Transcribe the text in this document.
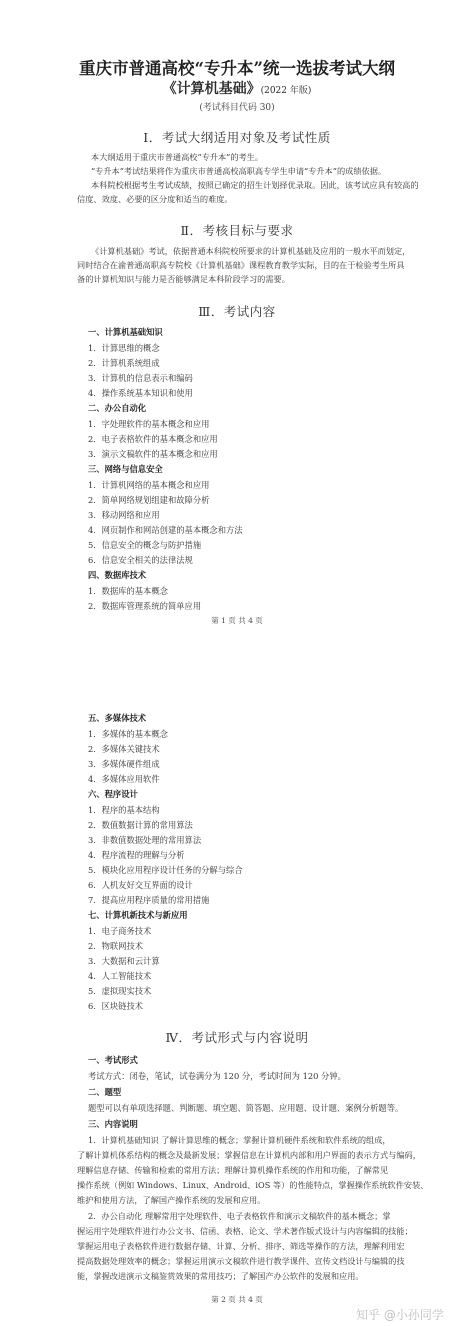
重庆市普通高校“专升本”统一选拔考试大纲
《计算机基础》(2022 年版)
(考试科目代码 30)
Ⅰ．考试大纲适用对象及考试性质
本大纲适用于重庆市普通高校“专升本”的考生。
“专升本”考试结果将作为重庆市普通高校高职高专学生申请“专升本”的成绩依据。
本科院校根据考生考试成绩，按照已确定的招生计划择优录取。因此，该考试应具有较高的
信度、效度、必要的区分度和适当的难度。
Ⅱ．考核目标与要求
《计算机基础》考试，依据普通本科院校所要求的计算机基础及应用的一般水平而划定，
同时结合在渝普通高职高专院校《计算机基础》课程教育教学实际，目的在于检验考生所具
备的计算机知识与能力是否能够满足本科阶段学习的需要。
Ⅲ．考试内容
一、计算机基础知识
1．计算思维的概念
2．计算机系统组成
3．计算机的信息表示和编码
4．操作系统基本知识和使用
二、办公自动化
1．字处理软件的基本概念和应用
2．电子表格软件的基本概念和应用
3．演示文稿软件的基本概念和应用
三、网络与信息安全
1．计算机网络的基本概念和应用
2．简单网络规划组建和故障分析
3．移动网络和应用
4．网页制作和网站创建的基本概念和方法
5．信息安全的概念与防护措施
6．信息安全相关的法律法规
四、数据库技术
1．数据库的基本概念
2．数据库管理系统的简单应用
第 1 页 共 4 页
五、多媒体技术
1．多媒体的基本概念
2．多媒体关键技术
3．多媒体硬件组成
4．多媒体应用软件
六、程序设计
1．程序的基本结构
2．数值数据计算的常用算法
3．非数值数据处理的常用算法
4．程序流程的理解与分析
5．模块化应用程序设计任务的分解与综合
6．人机友好交互界面的设计
7．提高应用程序质量的常用措施
七、计算机新技术与新应用
1．电子商务技术
2．物联网技术
3．大数据和云计算
4．人工智能技术
5．虚拟现实技术
6．区块链技术
Ⅳ．考试形式与内容说明
一、考试形式
考试方式：闭卷，笔试，试卷满分为 120 分，考试时间为 120 分钟。
二、题型
题型可以有单项选择题、判断题、填空题、简答题、应用题、设计题、案例分析题等。
三、内容说明
1．计算机基础知识 了解计算思维的概念；掌握计算机硬件系统和软件系统的组成，
了解计算机体系结构的概念及最新发展；掌握信息在计算机内部和用户界面的表示方式与编码，
理解信息存储、传输和检索的常用方法；理解计算机操作系统的作用和功能，了解常见
操作系统（例如 Windows、Linux、Android、iOS 等）的性能特点，掌握操作系统软件安装、
维护和使用方法，了解国产操作系统的发展和应用。
2．办公自动化 理解常用字处理软件、电子表格软件和演示文稿软件的基本概念；掌
握运用字处理软件进行办公文书、信函、表格、论文、学术著作版式设计与内容编辑的技能；
掌握运用电子表格软件进行数据存储、计算、分析、排序、筛选等操作的方法，理解利用宏
提高数据处理效率的概念；掌握运用演示文稿软件进行教学课件、宣传文档设计与编辑的技
能，掌握改进演示文稿鉴赏效果的常用技巧；了解国产办公软件的发展和应用。
第 2 页 共 4 页
知乎 @小孙同学
